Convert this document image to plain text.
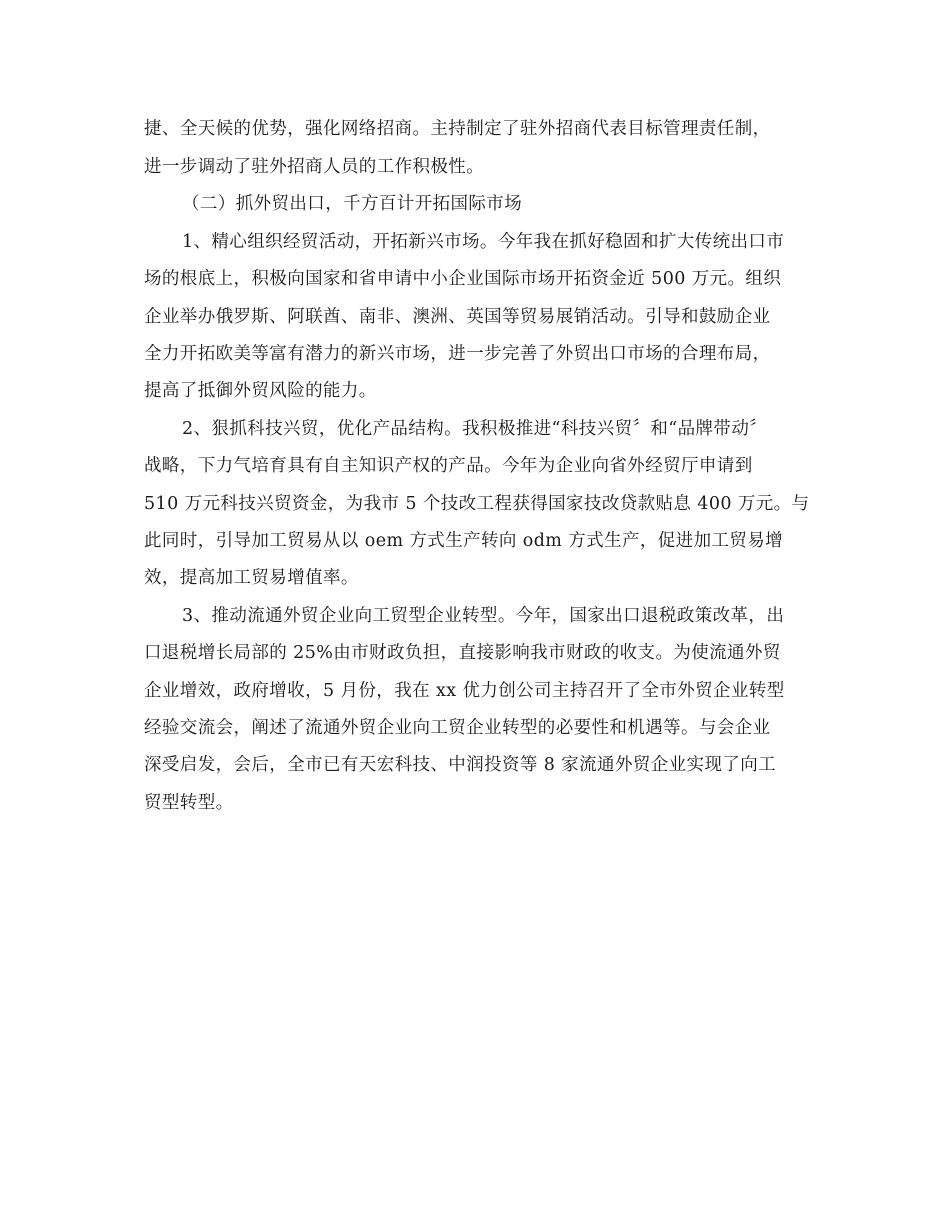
捷、全天候的优势，强化网络招商。主持制定了驻外招商代表目标管理责任制，
进一步调动了驻外招商人员的工作积极性。
（二）抓外贸出口，千方百计开拓国际市场
1、精心组织经贸活动，开拓新兴市场。今年我在抓好稳固和扩大传统出口市
场的根底上，积极向国家和省申请中小企业国际市场开拓资金近 500 万元。组织
企业举办俄罗斯、阿联酋、南非、澳洲、英国等贸易展销活动。引导和鼓励企业
全力开拓欧美等富有潜力的新兴市场，进一步完善了外贸出口市场的合理布局，
提高了抵御外贸风险的能力。
2、狠抓科技兴贸，优化产品结构。我积极推进“科技兴贸〞和“品牌带动〞
战略，下力气培育具有自主知识产权的产品。今年为企业向省外经贸厅申请到
510 万元科技兴贸资金，为我市 5 个技改工程获得国家技改贷款贴息 400 万元。与
此同时，引导加工贸易从以 oem 方式生产转向 odm 方式生产，促进加工贸易增
效，提高加工贸易增值率。
3、推动流通外贸企业向工贸型企业转型。今年，国家出口退税政策改革，出
口退税增长局部的 25%由市财政负担，直接影响我市财政的收支。为使流通外贸
企业增效，政府增收，5 月份，我在 xx 优力创公司主持召开了全市外贸企业转型
经验交流会，阐述了流通外贸企业向工贸企业转型的必要性和机遇等。与会企业
深受启发，会后，全市已有天宏科技、中润投资等 8 家流通外贸企业实现了向工
贸型转型。
